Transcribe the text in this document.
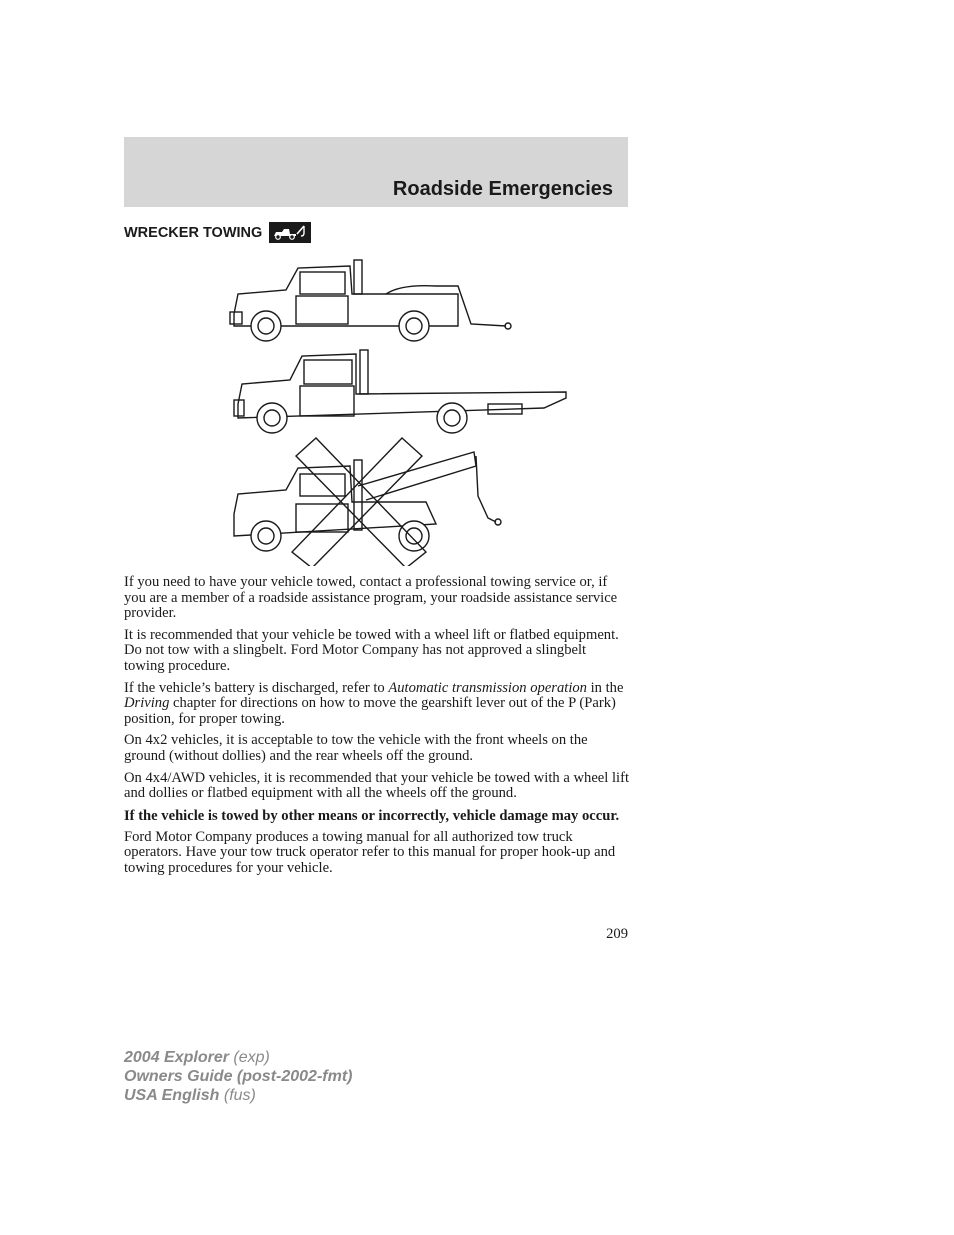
Roadside Emergencies
WRECKER TOWING

If you need to have your vehicle towed, contact a professional towing service or, if you are a member of a roadside assistance program, your roadside assistance service provider.

It is recommended that your vehicle be towed with a wheel lift or flatbed equipment. Do not tow with a slingbelt. Ford Motor Company has not approved a slingbelt towing procedure.

If the vehicle’s battery is discharged, refer to Automatic transmission operation in the Driving chapter for directions on how to move the gearshift lever out of the P (Park) position, for proper towing.

On 4x2 vehicles, it is acceptable to tow the vehicle with the front wheels on the ground (without dollies) and the rear wheels off the ground.

On 4x4/AWD vehicles, it is recommended that your vehicle be towed with a wheel lift and dollies or flatbed equipment with all the wheels off the ground.

If the vehicle is towed by other means or incorrectly, vehicle damage may occur.

Ford Motor Company produces a towing manual for all authorized tow truck operators. Have your tow truck operator refer to this manual for proper hook-up and towing procedures for your vehicle.

209
2004 Explorer (exp)
Owners Guide (post-2002-fmt)
USA English (fus)
